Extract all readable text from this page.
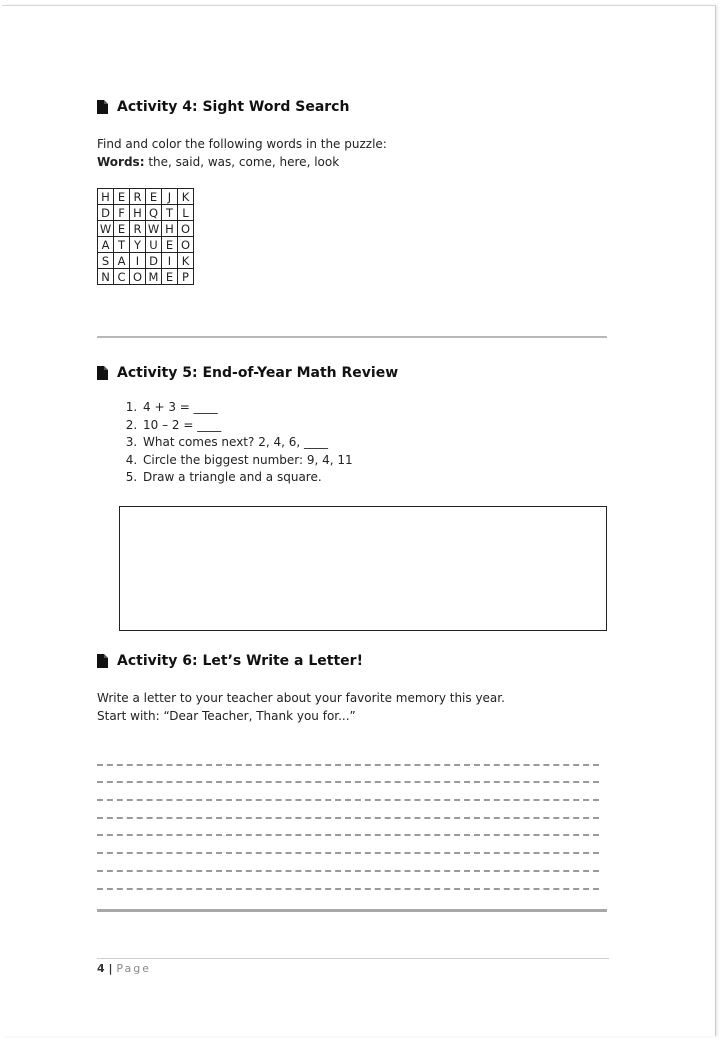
Activity 4: Sight Word Search
Find and color the following words in the puzzle:
Words: the, said, was, come, here, look
H	E	R	E	J	K
D	F	H	Q	T	L
W	E	R	W	H	O
A	T	Y	U	E	O
S	A	I	D	I	K
N	C	O	M	E	P
Activity 5: End-of-Year Math Review
1. 4 + 3 = ____
2. 10 – 2 = ____
3. What comes next? 2, 4, 6, ____
4. Circle the biggest number: 9, 4, 11
5. Draw a triangle and a square.
Activity 6: Let’s Write a Letter!
Write a letter to your teacher about your favorite memory this year.
Start with: “Dear Teacher, Thank you for...”
4 | Page
